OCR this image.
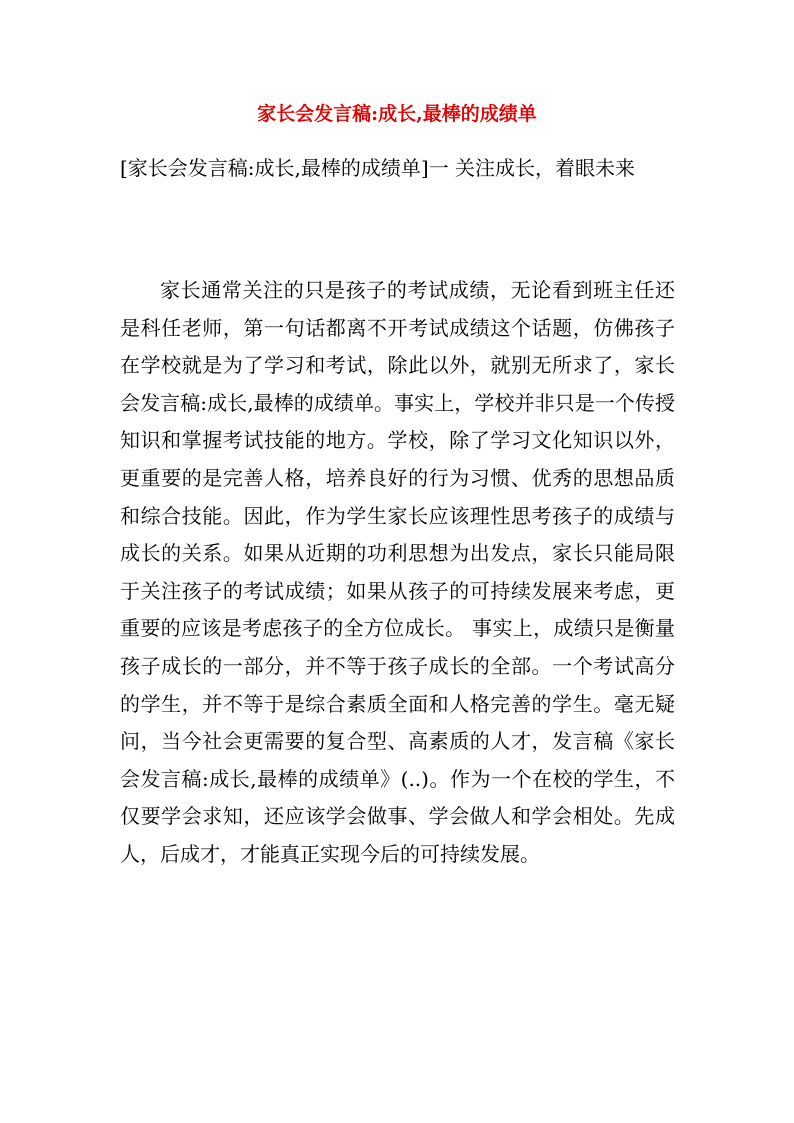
家长会发言稿:成长,最棒的成绩单
[家长会发言稿:成长,最棒的成绩单]一 关注成长，着眼未来

家长通常关注的只是孩子的考试成绩，无论看到班主任还是科任老师，第一句话都离不开考试成绩这个话题，仿佛孩子在学校就是为了学习和考试，除此以外，就别无所求了，家长会发言稿:成长,最棒的成绩单。事实上，学校并非只是一个传授知识和掌握考试技能的地方。学校，除了学习文化知识以外，更重要的是完善人格，培养良好的行为习惯、优秀的思想品质和综合技能。因此，作为学生家长应该理性思考孩子的成绩与成长的关系。如果从近期的功利思想为出发点，家长只能局限于关注孩子的考试成绩；如果从孩子的可持续发展来考虑，更重要的应该是考虑孩子的全方位成长。 事实上，成绩只是衡量孩子成长的一部分，并不等于孩子成长的全部。一个考试高分的学生，并不等于是综合素质全面和人格完善的学生。毫无疑问，当今社会更需要的复合型、高素质的人才，发言稿《家长会发言稿:成长,最棒的成绩单》(..)。作为一个在校的学生，不仅要学会求知，还应该学会做事、学会做人和学会相处。先成人，后成才，才能真正实现今后的可持续发展。
